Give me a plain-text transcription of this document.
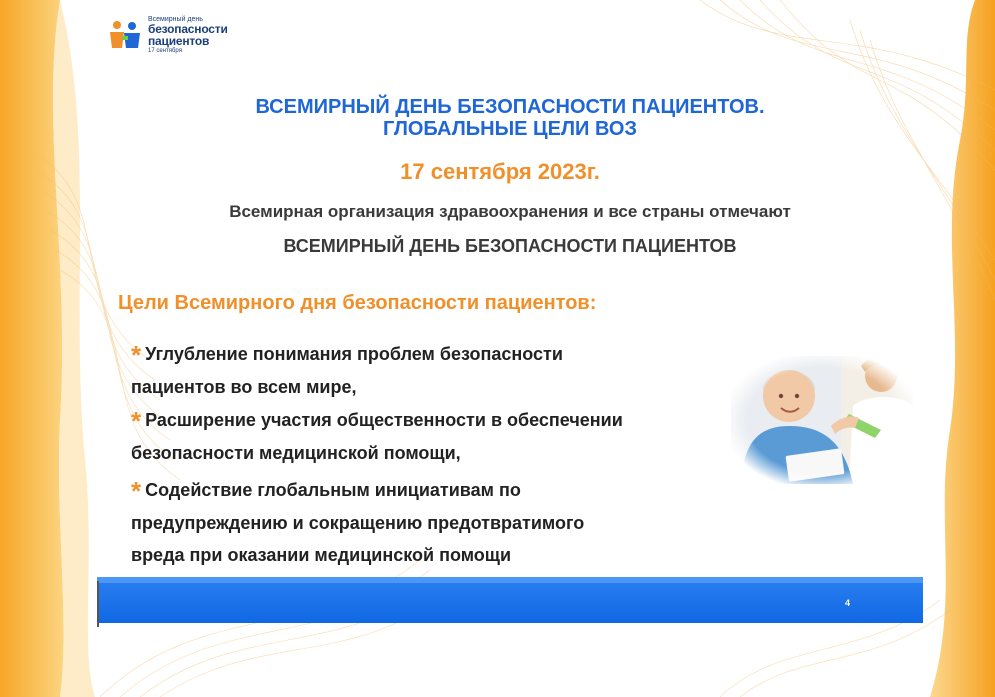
Всемирный день
безопасности
пациентов
17 сентября
ВСЕМИРНЫЙ ДЕНЬ БЕЗОПАСНОСТИ ПАЦИЕНТОВ.
ГЛОБАЛЬНЫЕ ЦЕЛИ ВОЗ
17 сентября 2023г.
Всемирная организация здравоохранения и все страны отмечают
ВСЕМИРНЫЙ ДЕНЬ БЕЗОПАСНОСТИ ПАЦИЕНТОВ
Цели Всемирного дня безопасности пациентов:
* Углубление понимания проблем безопасности
пациентов во всем мире,
* Расширение участия общественности в обеспечении
безопасности медицинской помощи,
* Содействие глобальным инициативам по
предупреждению и сокращению предотвратимого
вреда при оказании медицинской помощи
4
